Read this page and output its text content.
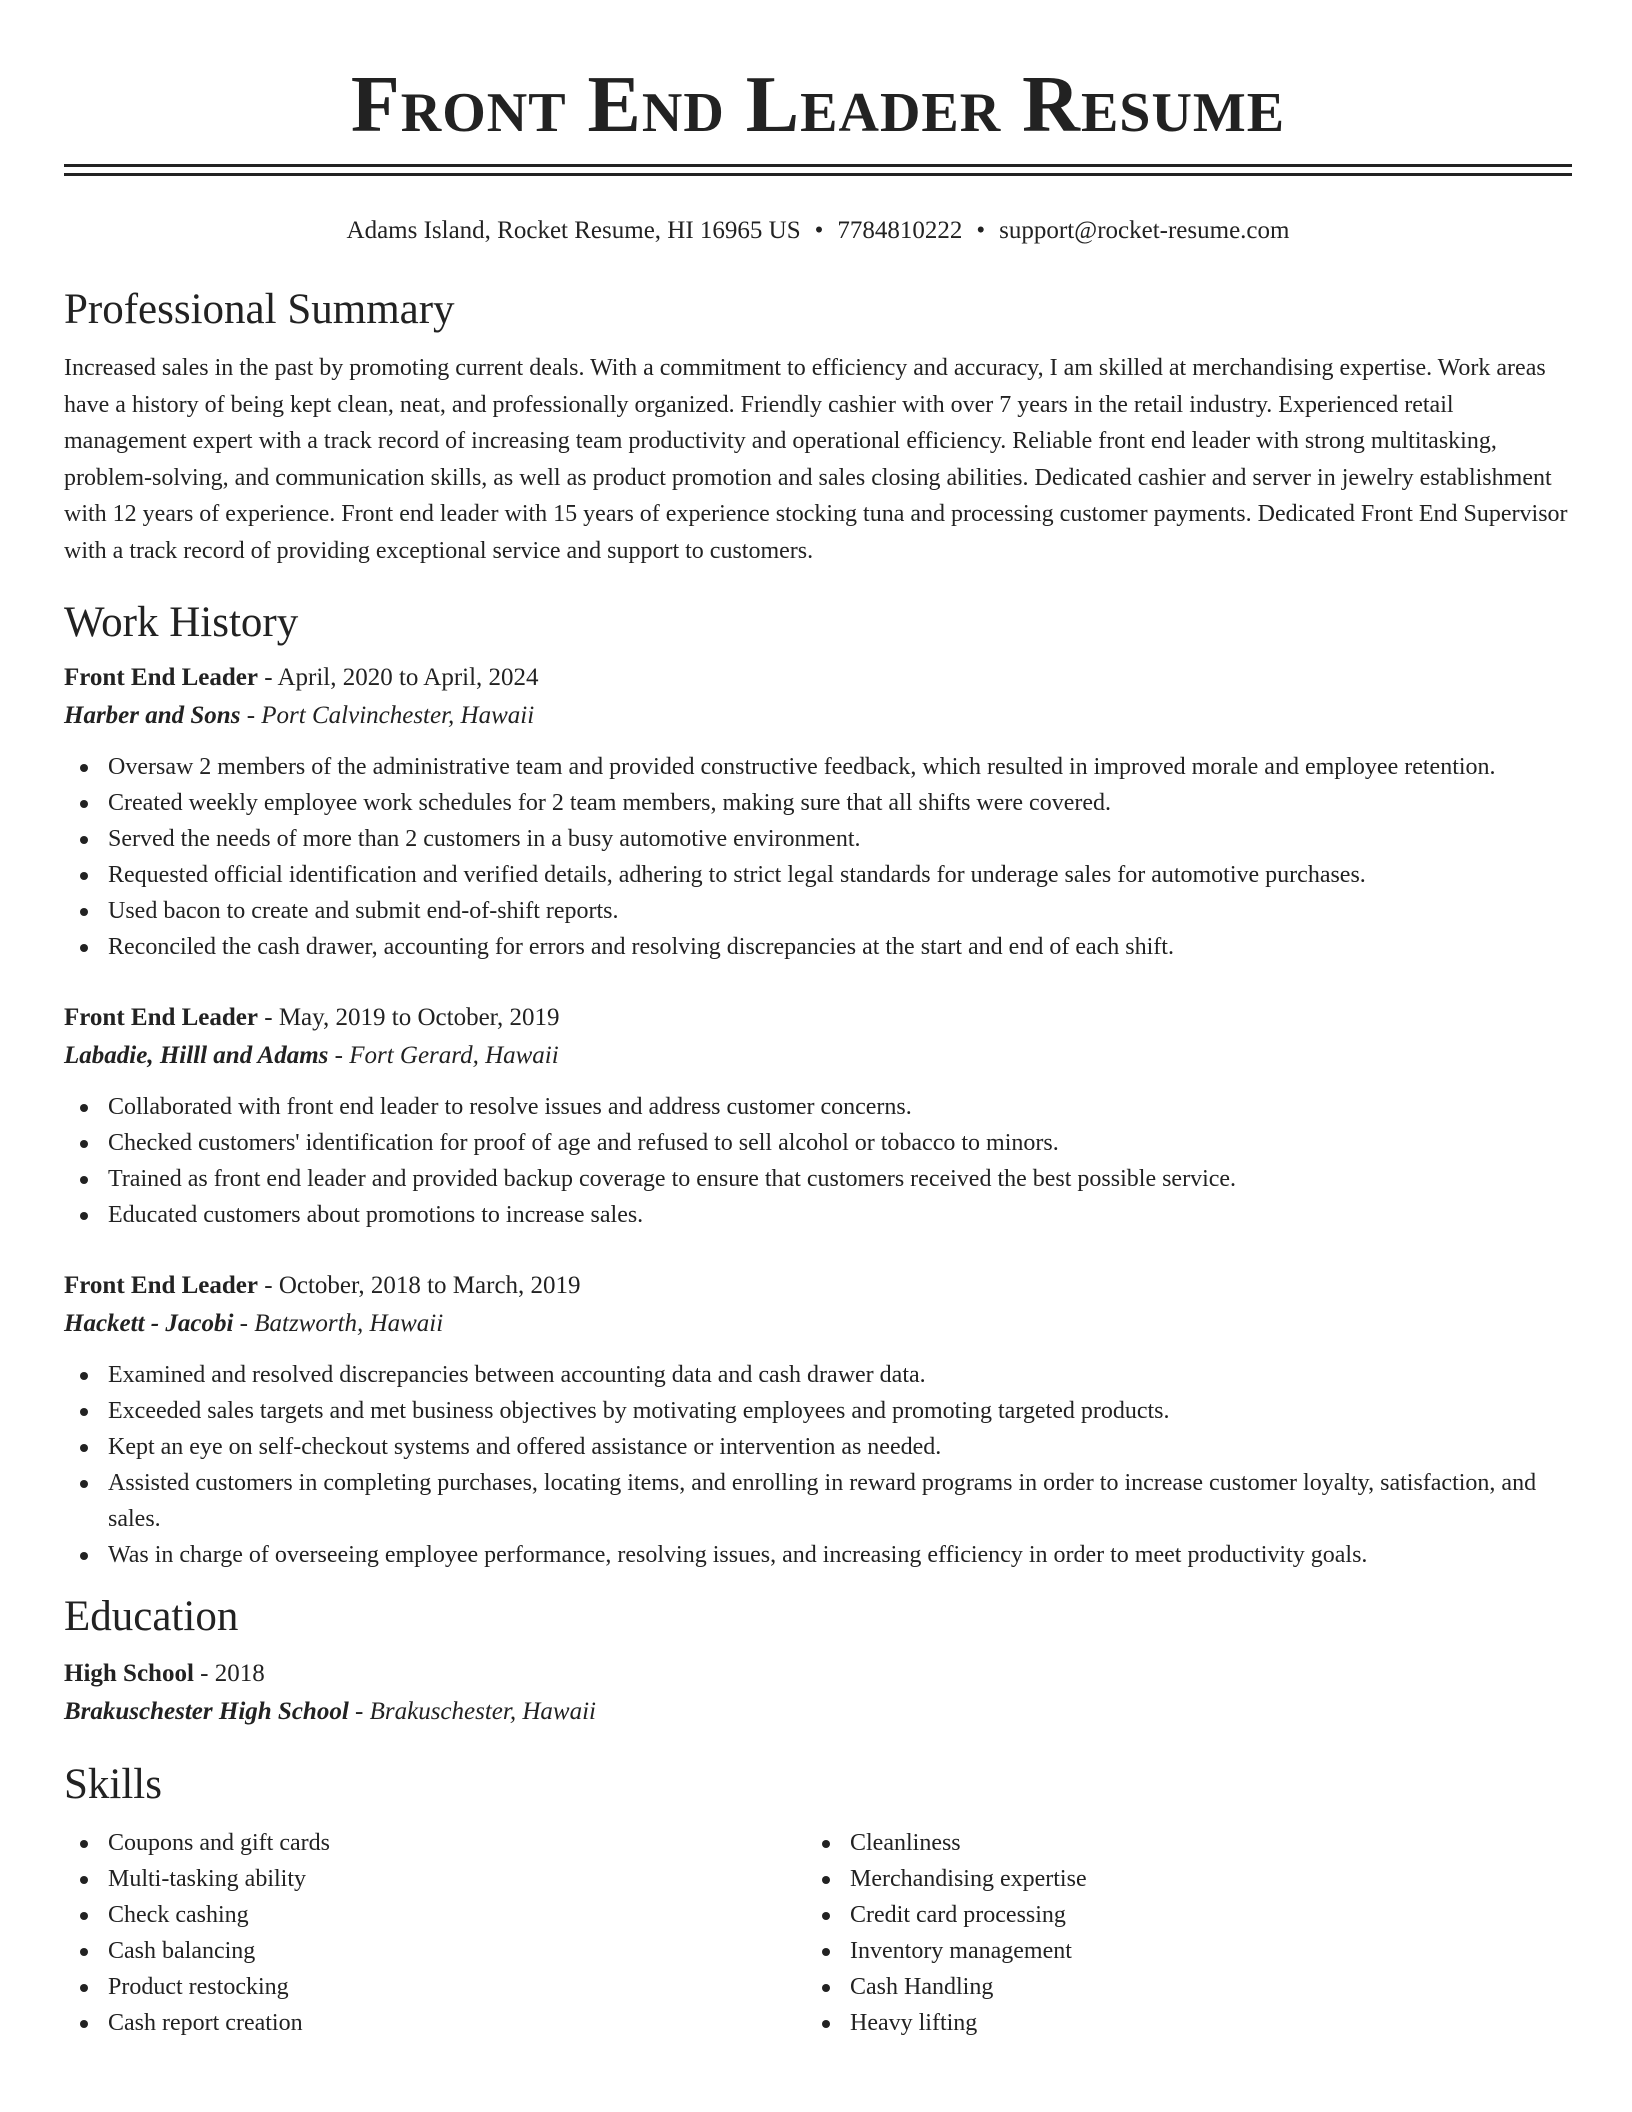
Front End Leader Resume
Adams Island, Rocket Resume, HI 16965 US • 7784810222 • support@rocket-resume.com
Professional Summary
Increased sales in the past by promoting current deals. With a commitment to efficiency and accuracy, I am skilled at merchandising expertise. Work areas have a history of being kept clean, neat, and professionally organized. Friendly cashier with over 7 years in the retail industry. Experienced retail management expert with a track record of increasing team productivity and operational efficiency. Reliable front end leader with strong multitasking, problem-solving, and communication skills, as well as product promotion and sales closing abilities. Dedicated cashier and server in jewelry establishment with 12 years of experience. Front end leader with 15 years of experience stocking tuna and processing customer payments. Dedicated Front End Supervisor with a track record of providing exceptional service and support to customers.
Work History
Front End Leader - April, 2020 to April, 2024
Harber and Sons - Port Calvinchester, Hawaii
Oversaw 2 members of the administrative team and provided constructive feedback, which resulted in improved morale and employee retention.
Created weekly employee work schedules for 2 team members, making sure that all shifts were covered.
Served the needs of more than 2 customers in a busy automotive environment.
Requested official identification and verified details, adhering to strict legal standards for underage sales for automotive purchases.
Used bacon to create and submit end-of-shift reports.
Reconciled the cash drawer, accounting for errors and resolving discrepancies at the start and end of each shift.
Front End Leader - May, 2019 to October, 2019
Labadie, Hilll and Adams - Fort Gerard, Hawaii
Collaborated with front end leader to resolve issues and address customer concerns.
Checked customers' identification for proof of age and refused to sell alcohol or tobacco to minors.
Trained as front end leader and provided backup coverage to ensure that customers received the best possible service.
Educated customers about promotions to increase sales.
Front End Leader - October, 2018 to March, 2019
Hackett - Jacobi - Batzworth, Hawaii
Examined and resolved discrepancies between accounting data and cash drawer data.
Exceeded sales targets and met business objectives by motivating employees and promoting targeted products.
Kept an eye on self-checkout systems and offered assistance or intervention as needed.
Assisted customers in completing purchases, locating items, and enrolling in reward programs in order to increase customer loyalty, satisfaction, and sales.
Was in charge of overseeing employee performance, resolving issues, and increasing efficiency in order to meet productivity goals.
Education
High School - 2018
Brakuschester High School - Brakuschester, Hawaii
Skills
Coupons and gift cards
Multi-tasking ability
Check cashing
Cash balancing
Product restocking
Cash report creation
Cleanliness
Merchandising expertise
Credit card processing
Inventory management
Cash Handling
Heavy lifting
